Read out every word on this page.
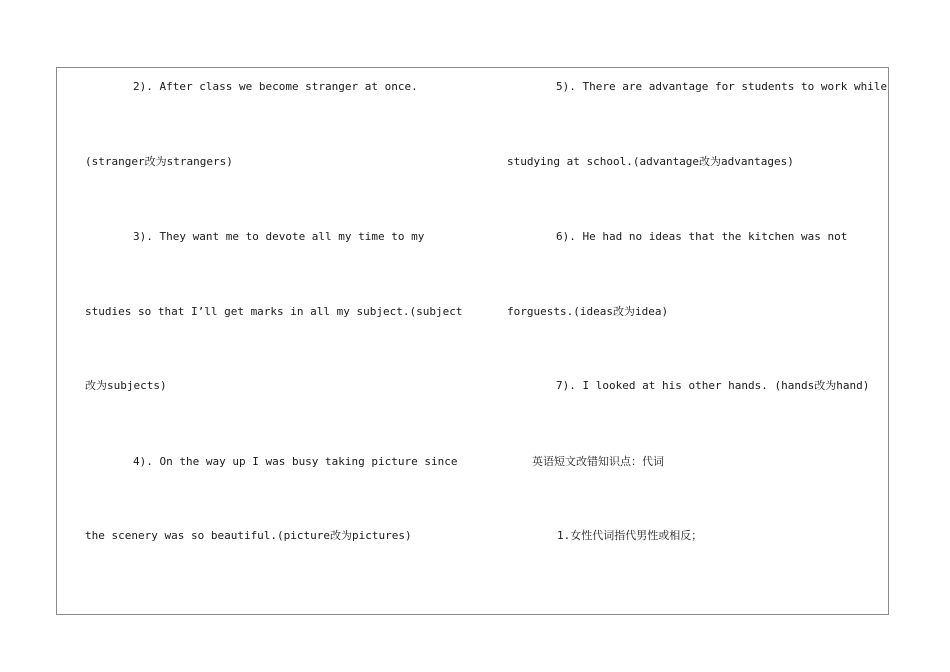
2). After class we become stranger at once.
(stranger改为strangers)
3). They want me to devote all my time to my
studies so that I’ll get marks in all my subject.(subject
改为subjects)
4). On the way up I was busy taking picture since
the scenery was so beautiful.(picture改为pictures)
5). There are advantage for students to work while
studying at school.(advantage改为advantages)
6). He had no ideas that the kitchen was not
forguests.(ideas改为idea)
7). I looked at his other hands. (hands改为hand)
英语短文改错知识点：代词
1.女性代词指代男性或相反；
